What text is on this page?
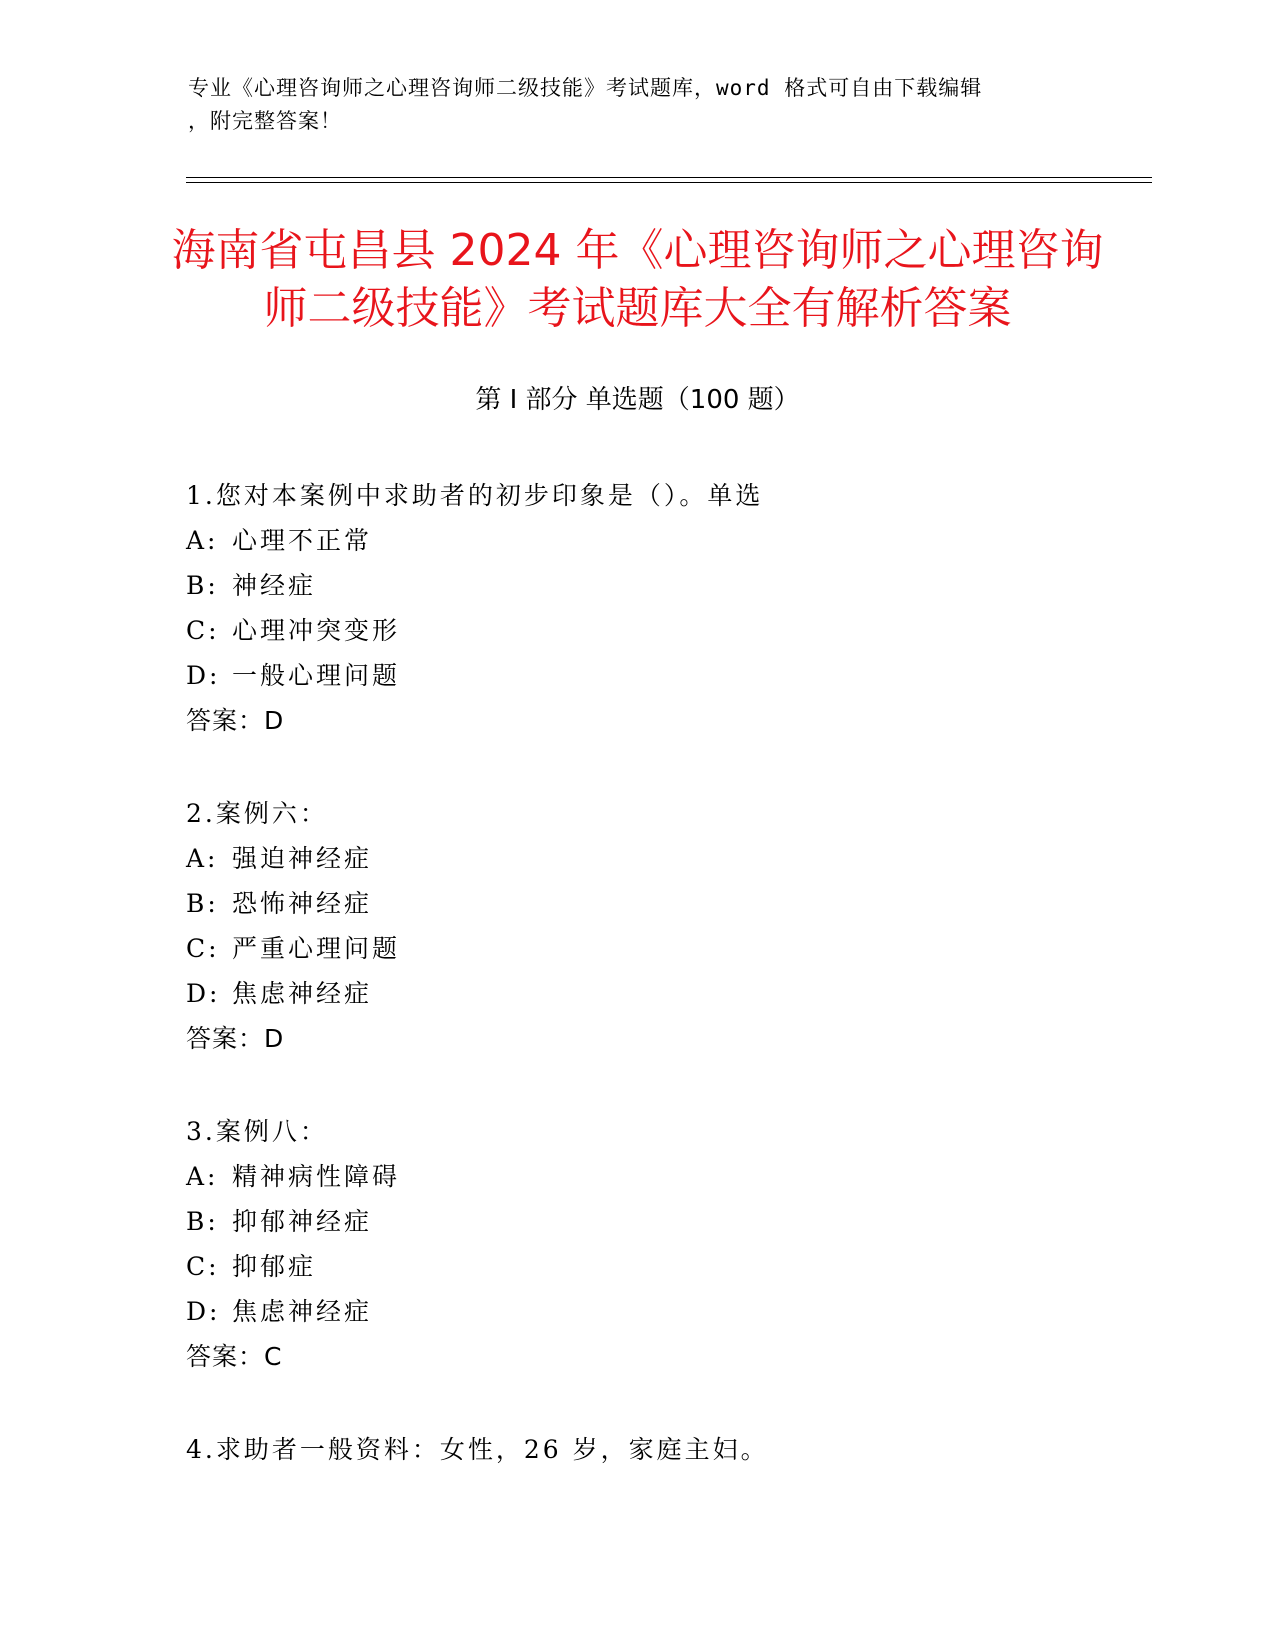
专业《心理咨询师之心理咨询师二级技能》考试题库，word 格式可自由下载编辑
，附完整答案！
海南省屯昌县 2024 年《心理咨询师之心理咨询师二级技能》考试题库大全有解析答案
第 I 部分 单选题（100 题）
1.您对本案例中求助者的初步印象是（）。单选
A: 心理不正常
B: 神经症
C: 心理冲突变形
D: 一般心理问题
答案：D
2.案例六：
A: 强迫神经症
B: 恐怖神经症
C: 严重心理问题
D: 焦虑神经症
答案：D
3.案例八：
A: 精神病性障碍
B: 抑郁神经症
C: 抑郁症
D: 焦虑神经症
答案：C
4.求助者一般资料：女性，26 岁，家庭主妇。
